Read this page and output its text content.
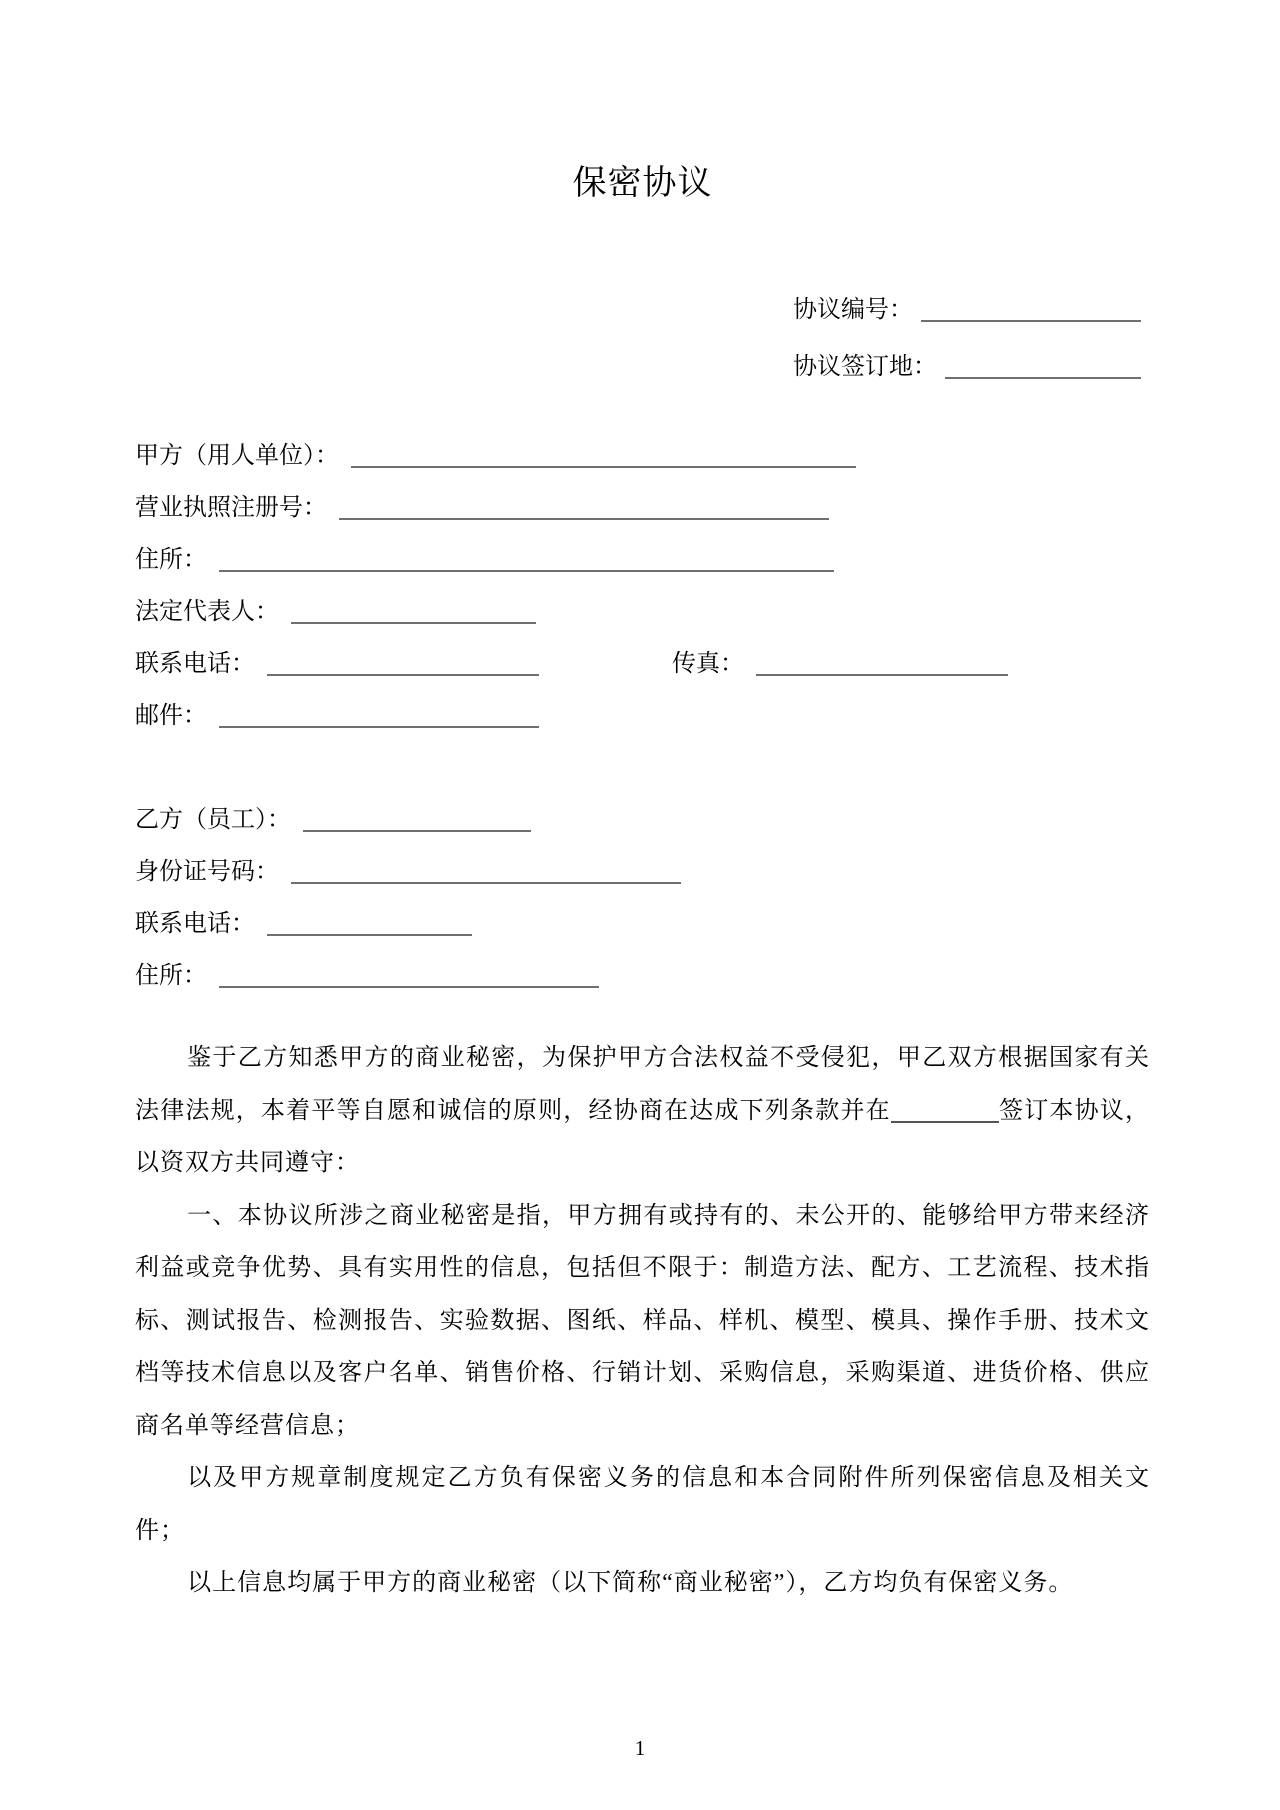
保密协议
协议编号：
协议签订地：
甲方（用人单位）：
营业执照注册号：
住所：
法定代表人：
联系电话：	传真：
邮件：
乙方（员工）：
身份证号码：
联系电话：
住所：

鉴于乙方知悉甲方的商业秘密，为保护甲方合法权益不受侵犯，甲乙双方根据国家有关法律法规，本着平等自愿和诚信的原则，经协商在达成下列条款并在	签订本协议，以资双方共同遵守：

一、本协议所涉之商业秘密是指，甲方拥有或持有的、未公开的、能够给甲方带来经济利益或竞争优势、具有实用性的信息，包括但不限于：制造方法、配方、工艺流程、技术指标、测试报告、检测报告、实验数据、图纸、样品、样机、模型、模具、操作手册、技术文档等技术信息以及客户名单、销售价格、行销计划、采购信息，采购渠道、进货价格、供应商名单等经营信息；

以及甲方规章制度规定乙方负有保密义务的信息和本合同附件所列保密信息及相关文件；

以上信息均属于甲方的商业秘密（以下简称“商业秘密”），乙方均负有保密义务。

1
